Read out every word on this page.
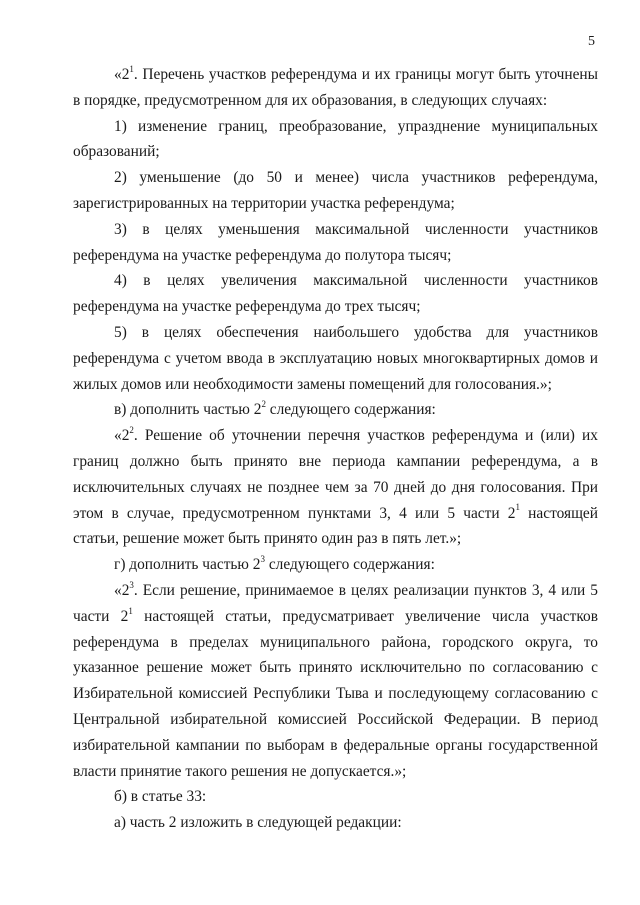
5

«$2^1$. Перечень участков референдума и их границы могут быть уточнены в порядке, предусмотренном для их образования, в следующих случаях:

1) изменение границ, преобразование, упразднение муниципальных образований;

2) уменьшение (до 50 и менее) числа участников референдума, зарегистрированных на территории участка референдума;

3) в целях уменьшения максимальной численности участников референдума на участке референдума до полутора тысяч;

4) в целях увеличения максимальной численности участников референдума на участке референдума до трех тысяч;

5) в целях обеспечения наибольшего удобства для участников референдума с учетом ввода в эксплуатацию новых многоквартирных домов и жилых домов или необходимости замены помещений для голосования.»;

в) дополнить частью $2^2$ следующего содержания:

«$2^2$. Решение об уточнении перечня участков референдума и (или) их границ должно быть принято вне периода кампании референдума, а в исключительных случаях не позднее чем за 70 дней до дня голосования. При этом в случае, предусмотренном пунктами 3, 4 или 5 части $2^1$ настоящей статьи, решение может быть принято один раз в пять лет.»;

г) дополнить частью $2^3$ следующего содержания:

«$2^3$. Если решение, принимаемое в целях реализации пунктов 3, 4 или 5 части $2^1$ настоящей статьи, предусматривает увеличение числа участков референдума в пределах муниципального района, городского округа, то указанное решение может быть принято исключительно по согласованию с Избирательной комиссией Республики Тыва и последующему согласованию с Центральной избирательной комиссией Российской Федерации. В период избирательной кампании по выборам в федеральные органы государственной власти принятие такого решения не допускается.»;

б) в статье 33:

а) часть 2 изложить в следующей редакции:
